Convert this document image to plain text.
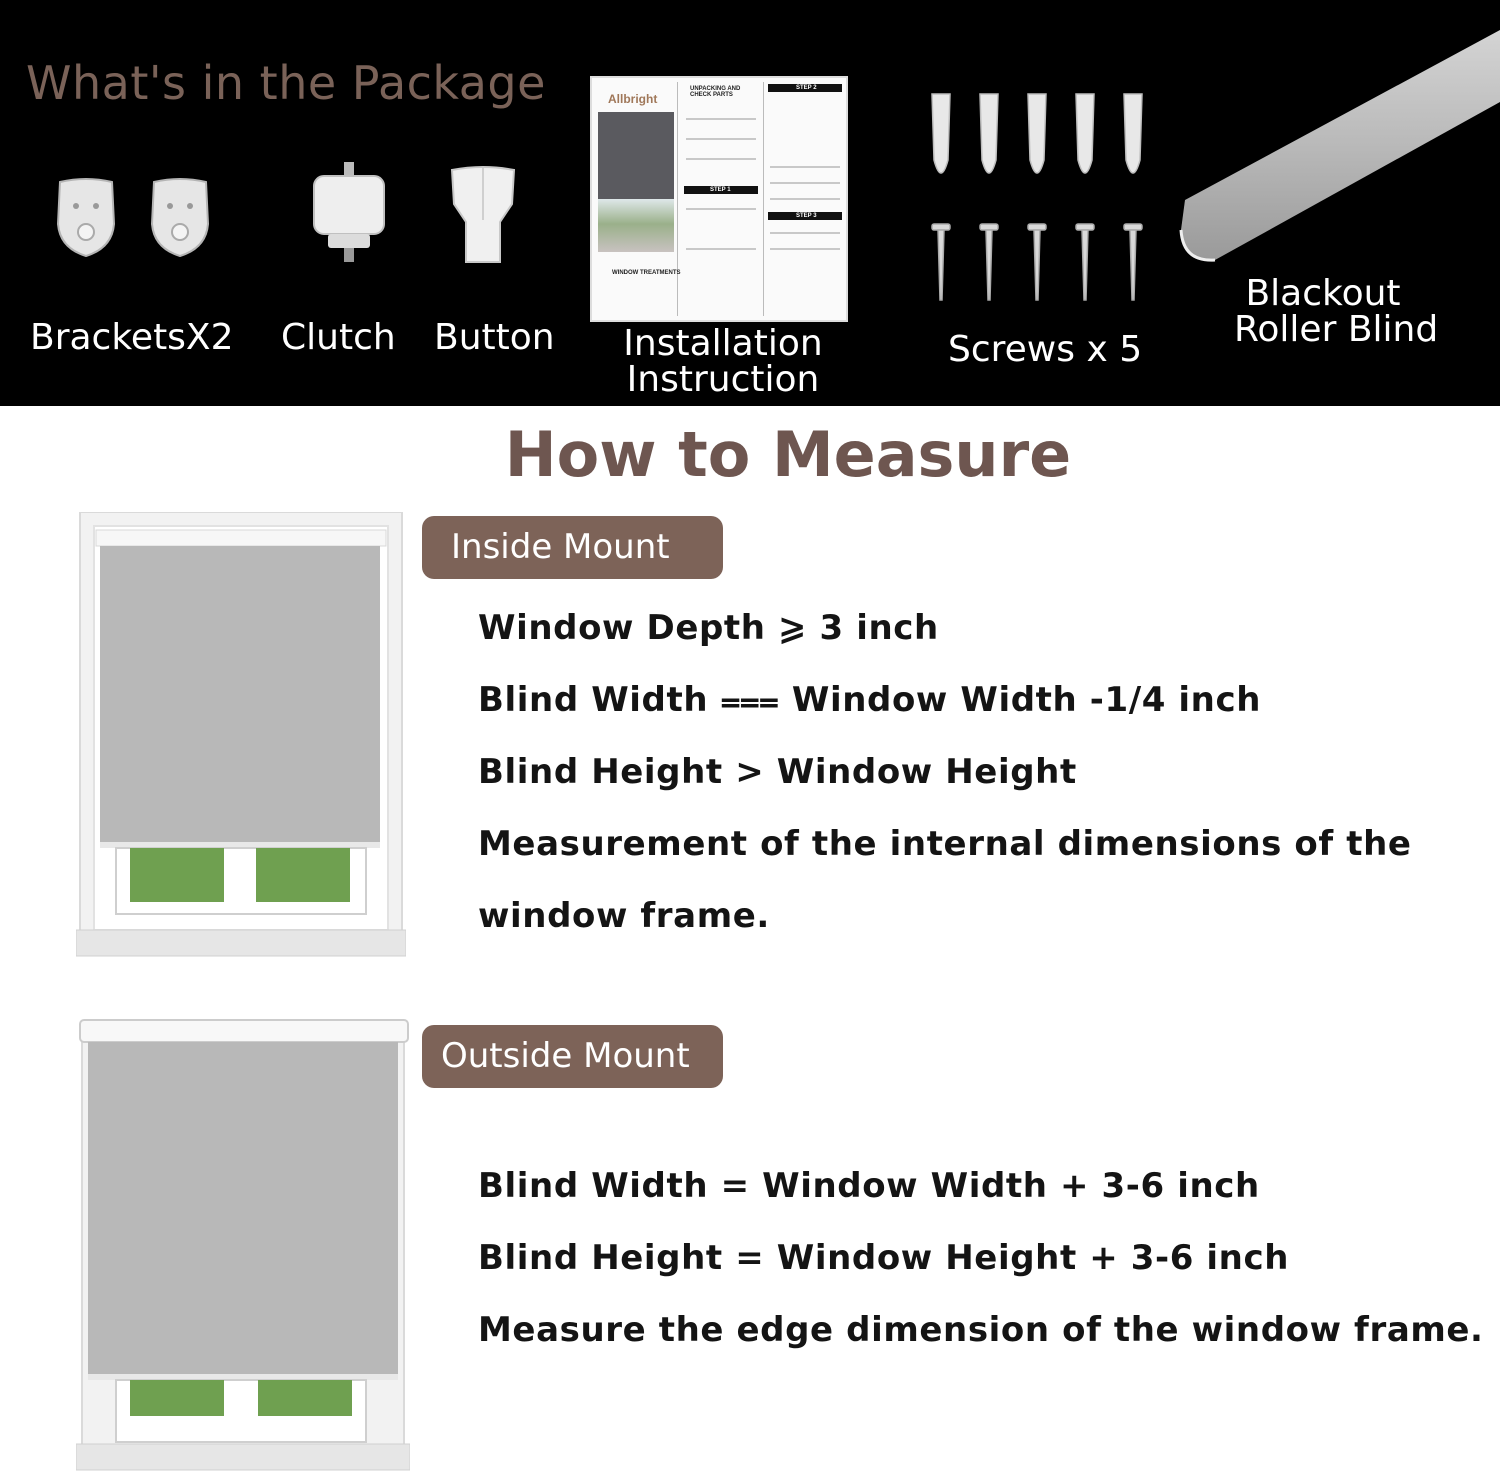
What's in the Package
BracketsX2 Clutch Button
Allbright
WINDOW TREATMENTS
UNPACKING AND CHECK PARTS
STEP 1
STEP 2
STEP 3
Installation
Instruction
Screws x 5
Blackout
Roller Blind
How to Measure
Inside Mount
Window Depth ⩾ 3 inch
Blind Width ⩶ Window Width -1/4 inch
Blind Height > Window Height
Measurement of the internal dimensions of the
window frame.
Outside Mount
Blind Width = Window Width + 3-6 inch
Blind Height = Window Height + 3-6 inch
Measure the edge dimension of the window frame.
